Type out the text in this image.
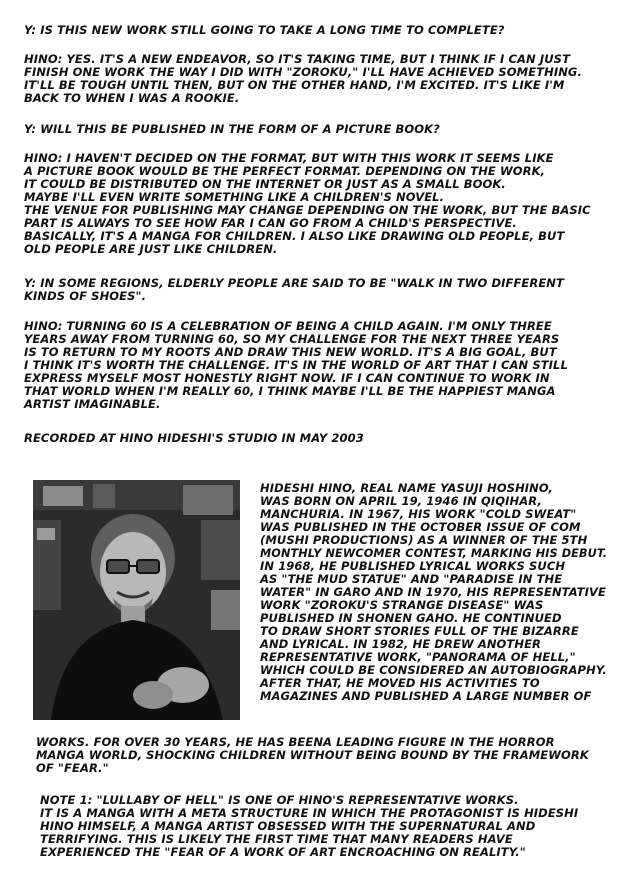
Y: IS THIS NEW WORK STILL GOING TO TAKE A LONG TIME TO COMPLETE?
HINO: YES. IT'S A NEW ENDEAVOR, SO IT'S TAKING TIME, BUT I THINK IF I CAN JUST
FINISH ONE WORK THE WAY I DID WITH "ZOROKU," I'LL HAVE ACHIEVED SOMETHING.
IT'LL BE TOUGH UNTIL THEN, BUT ON THE OTHER HAND, I'M EXCITED. IT'S LIKE I'M
BACK TO WHEN I WAS A ROOKIE.
Y: WILL THIS BE PUBLISHED IN THE FORM OF A PICTURE BOOK?
HINO: I HAVEN'T DECIDED ON THE FORMAT, BUT WITH THIS WORK IT SEEMS LIKE
A PICTURE BOOK WOULD BE THE PERFECT FORMAT. DEPENDING ON THE WORK,
IT COULD BE DISTRIBUTED ON THE INTERNET OR JUST AS A SMALL BOOK.
MAYBE I'LL EVEN WRITE SOMETHING LIKE A CHILDREN'S NOVEL.
THE VENUE FOR PUBLISHING MAY CHANGE DEPENDING ON THE WORK, BUT THE BASIC
PART IS ALWAYS TO SEE HOW FAR I CAN GO FROM A CHILD'S PERSPECTIVE.
BASICALLY, IT'S A MANGA FOR CHILDREN. I ALSO LIKE DRAWING OLD PEOPLE, BUT
OLD PEOPLE ARE JUST LIKE CHILDREN.
Y: IN SOME REGIONS, ELDERLY PEOPLE ARE SAID TO BE "WALK IN TWO DIFFERENT
KINDS OF SHOES".
HINO: TURNING 60 IS A CELEBRATION OF BEING A CHILD AGAIN. I'M ONLY THREE
YEARS AWAY FROM TURNING 60, SO MY CHALLENGE FOR THE NEXT THREE YEARS
IS TO RETURN TO MY ROOTS AND DRAW THIS NEW WORLD. IT'S A BIG GOAL, BUT
I THINK IT'S WORTH THE CHALLENGE. IT'S IN THE WORLD OF ART THAT I CAN STILL
EXPRESS MYSELF MOST HONESTLY RIGHT NOW. IF I CAN CONTINUE TO WORK IN
THAT WORLD WHEN I'M REALLY 60, I THINK MAYBE I'LL BE THE HAPPIEST MANGA
ARTIST IMAGINABLE.
RECORDED AT HINO HIDESHI'S STUDIO IN MAY 2003
HIDESHI HINO, REAL NAME YASUJI HOSHINO,
WAS BORN ON APRIL 19, 1946 IN QIQIHAR,
MANCHURIA. IN 1967, HIS WORK "COLD SWEAT"
WAS PUBLISHED IN THE OCTOBER ISSUE OF COM
(MUSHI PRODUCTIONS) AS A WINNER OF THE 5TH
MONTHLY NEWCOMER CONTEST, MARKING HIS DEBUT.
IN 1968, HE PUBLISHED LYRICAL WORKS SUCH
AS "THE MUD STATUE" AND "PARADISE IN THE
WATER" IN GARO AND IN 1970, HIS REPRESENTATIVE
WORK "ZOROKU'S STRANGE DISEASE" WAS
PUBLISHED IN SHONEN GAHO. HE CONTINUED
TO DRAW SHORT STORIES FULL OF THE BIZARRE
AND LYRICAL. IN 1982, HE DREW ANOTHER
REPRESENTATIVE WORK, "PANORAMA OF HELL,"
WHICH COULD BE CONSIDERED AN AUTOBIOGRAPHY.
AFTER THAT, HE MOVED HIS ACTIVITIES TO
MAGAZINES AND PUBLISHED A LARGE NUMBER OF
WORKS. FOR OVER 30 YEARS, HE HAS BEENA LEADING FIGURE IN THE HORROR
MANGA WORLD, SHOCKING CHILDREN WITHOUT BEING BOUND BY THE FRAMEWORK
OF "FEAR."
NOTE 1: "LULLABY OF HELL" IS ONE OF HINO'S REPRESENTATIVE WORKS.
IT IS A MANGA WITH A META STRUCTURE IN WHICH THE PROTAGONIST IS HIDESHI
HINO HIMSELF, A MANGA ARTIST OBSESSED WITH THE SUPERNATURAL AND
TERRIFYING. THIS IS LIKELY THE FIRST TIME THAT MANY READERS HAVE
EXPERIENCED THE "FEAR OF A WORK OF ART ENCROACHING ON REALITY."
